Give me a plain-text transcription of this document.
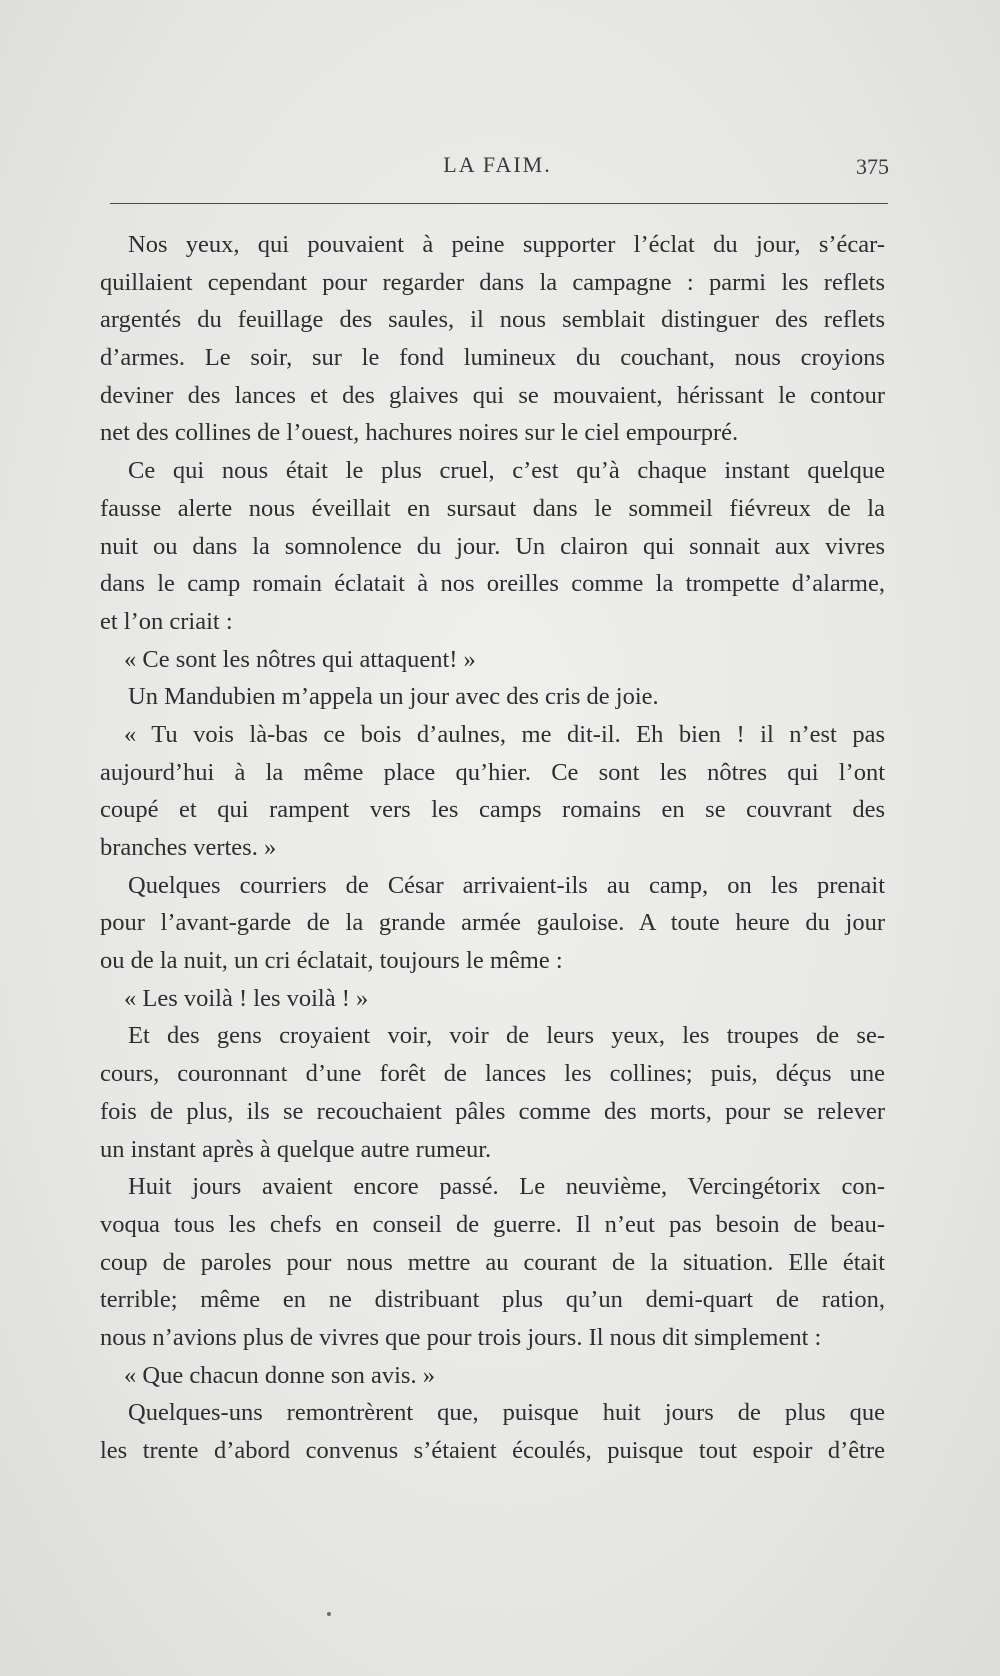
LA FAIM.	375
Nos yeux, qui pouvaient à peine supporter l’éclat du jour, s’écar-
quillaient cependant pour regarder dans la campagne : parmi les reflets
argentés du feuillage des saules, il nous semblait distinguer des reflets
d’armes. Le soir, sur le fond lumineux du couchant, nous croyions
deviner des lances et des glaives qui se mouvaient, hérissant le contour
net des collines de l’ouest, hachures noires sur le ciel empourpré.
Ce qui nous était le plus cruel, c’est qu’à chaque instant quelque
fausse alerte nous éveillait en sursaut dans le sommeil fiévreux de la
nuit ou dans la somnolence du jour. Un clairon qui sonnait aux vivres
dans le camp romain éclatait à nos oreilles comme la trompette d’alarme,
et l’on criait :
« Ce sont les nôtres qui attaquent! »
Un Mandubien m’appela un jour avec des cris de joie.
« Tu vois là-bas ce bois d’aulnes, me dit-il. Eh bien ! il n’est pas
aujourd’hui à la même place qu’hier. Ce sont les nôtres qui l’ont
coupé et qui rampent vers les camps romains en se couvrant des
branches vertes. »
Quelques courriers de César arrivaient-ils au camp, on les prenait
pour l’avant-garde de la grande armée gauloise. A toute heure du jour
ou de la nuit, un cri éclatait, toujours le même :
« Les voilà ! les voilà ! »
Et des gens croyaient voir, voir de leurs yeux, les troupes de se-
cours, couronnant d’une forêt de lances les collines; puis, déçus une
fois de plus, ils se recouchaient pâles comme des morts, pour se relever
un instant après à quelque autre rumeur.
Huit jours avaient encore passé. Le neuvième, Vercingétorix con-
voqua tous les chefs en conseil de guerre. Il n’eut pas besoin de beau-
coup de paroles pour nous mettre au courant de la situation. Elle était
terrible; même en ne distribuant plus qu’un demi-quart de ration,
nous n’avions plus de vivres que pour trois jours. Il nous dit simplement :
« Que chacun donne son avis. »
Quelques-uns remontrèrent que, puisque huit jours de plus que
les trente d’abord convenus s’étaient écoulés, puisque tout espoir d’être
